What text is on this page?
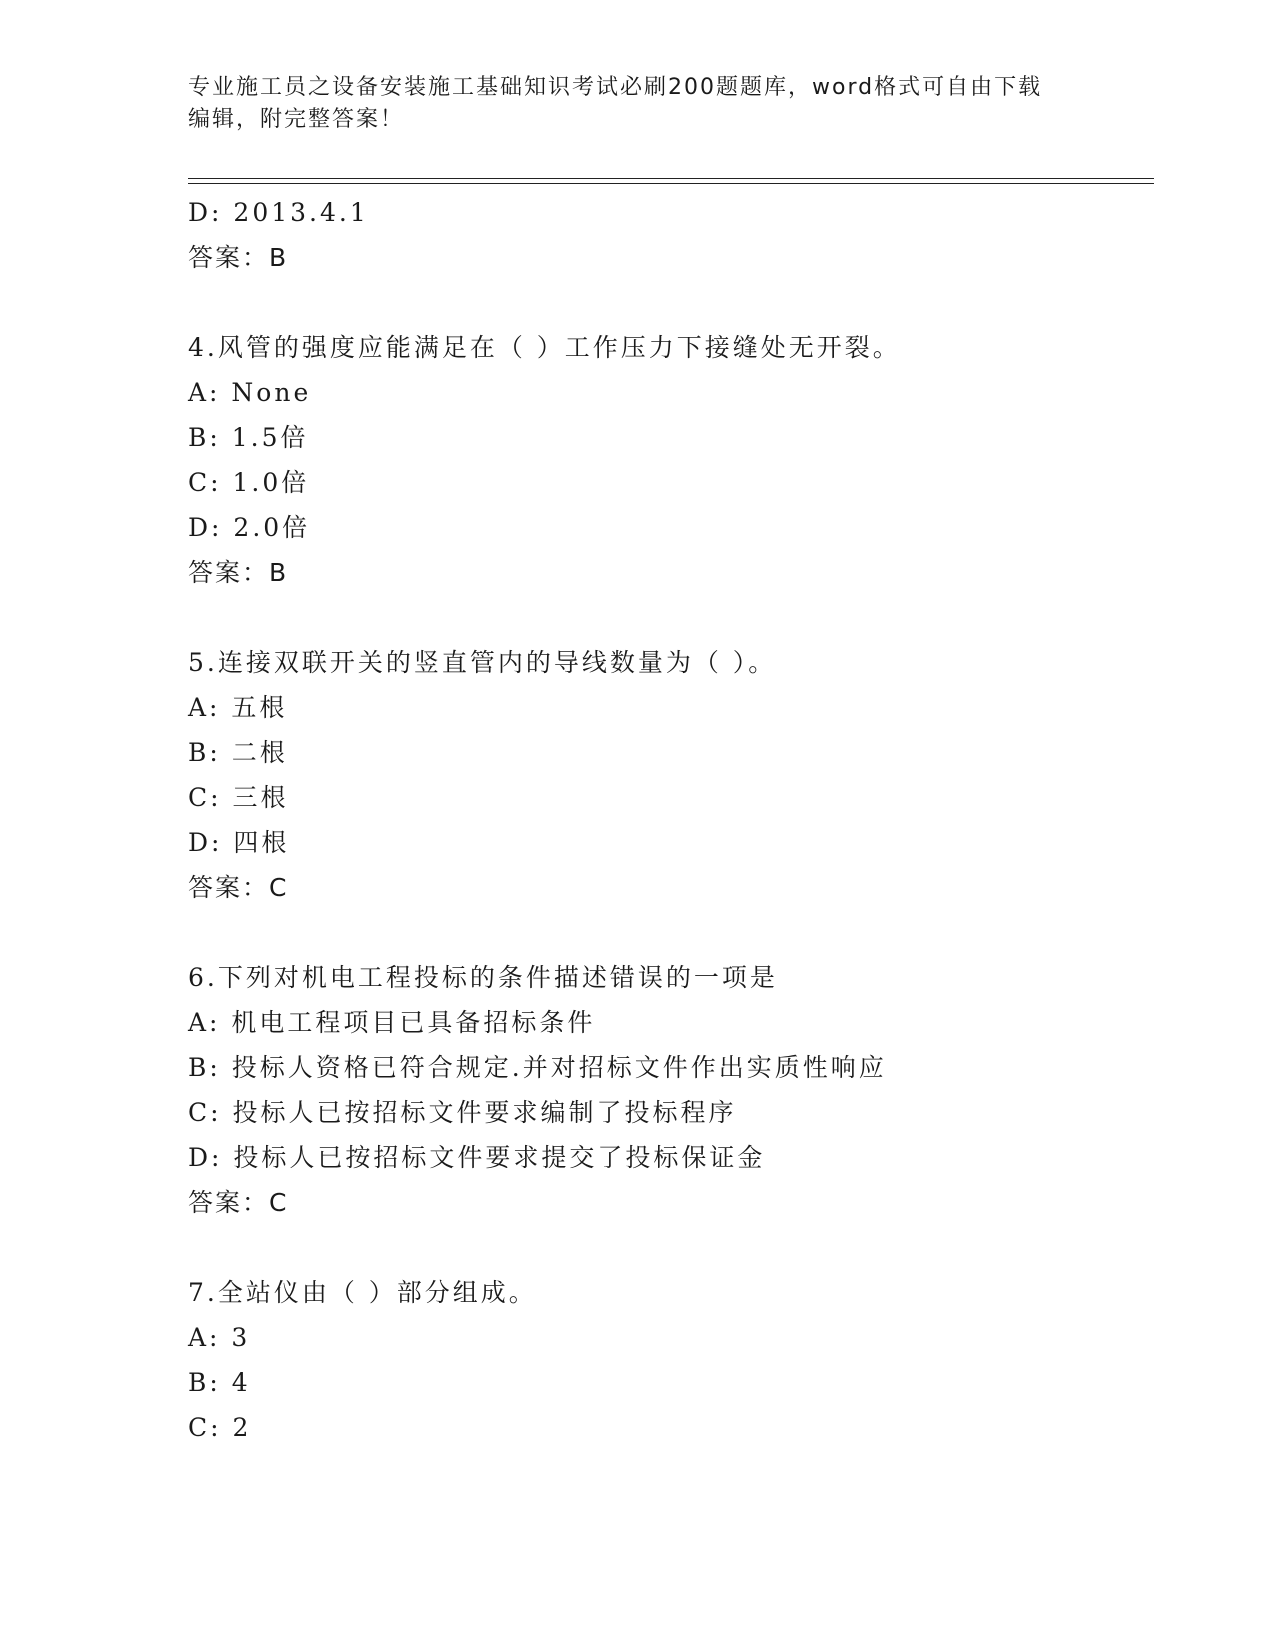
专业施工员之设备安装施工基础知识考试必刷200题题库，word格式可自由下载
编辑，附完整答案！
D: 2013.4.1
答案：B
4.风管的强度应能满足在（ ）工作压力下接缝处无开裂。
A: None
B: 1.5倍
C: 1.0倍
D: 2.0倍
答案：B
5.连接双联开关的竖直管内的导线数量为（ ）。
A: 五根
B: 二根
C: 三根
D: 四根
答案：C
6.下列对机电工程投标的条件描述错误的一项是
A: 机电工程项目已具备招标条件
B: 投标人资格已符合规定.并对招标文件作出实质性响应
C: 投标人已按招标文件要求编制了投标程序
D: 投标人已按招标文件要求提交了投标保证金
答案：C
7.全站仪由（ ）部分组成。
A: 3
B: 4
C: 2
